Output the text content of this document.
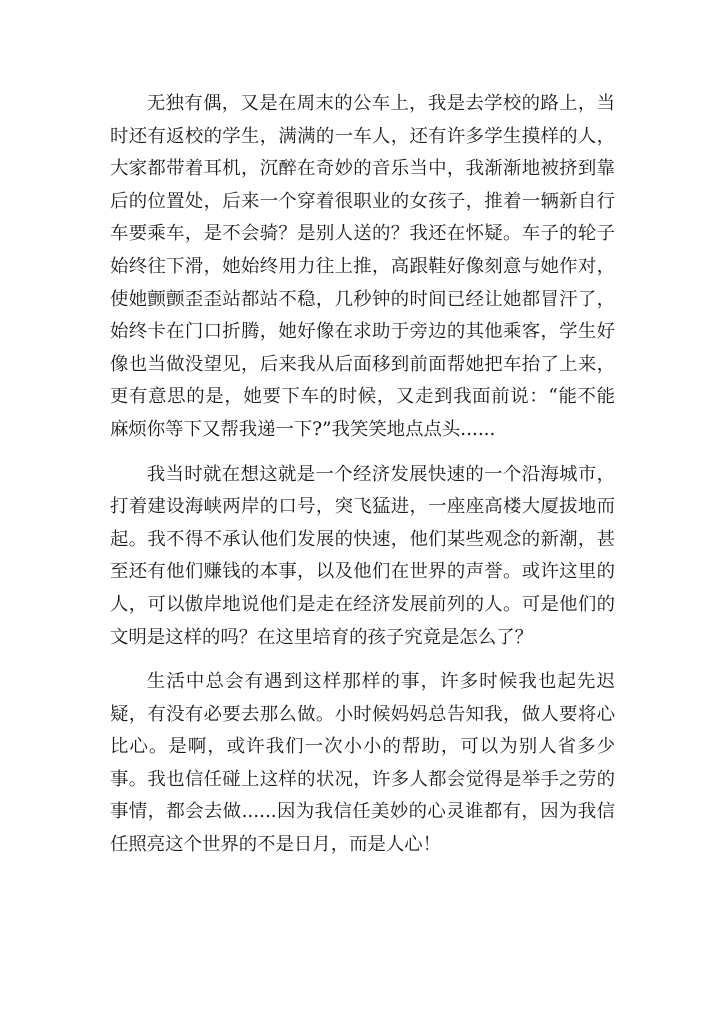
无独有偶，又是在周末的公车上，我是去学校的路上，当时还有返校的学生，满满的一车人，还有许多学生摸样的人，大家都带着耳机，沉醉在奇妙的音乐当中，我渐渐地被挤到靠后的位置处，后来一个穿着很职业的女孩子，推着一辆新自行车要乘车，是不会骑？是别人送的？我还在怀疑。车子的轮子始终往下滑，她始终用力往上推，高跟鞋好像刻意与她作对，使她颤颤歪歪站都站不稳，几秒钟的时间已经让她都冒汗了，始终卡在门口折腾，她好像在求助于旁边的其他乘客，学生好像也当做没望见，后来我从后面移到前面帮她把车抬了上来，更有意思的是，她要下车的时候，又走到我面前说：“能不能麻烦你等下又帮我递一下?”我笑笑地点点头......

我当时就在想这就是一个经济发展快速的一个沿海城市，打着建设海峡两岸的口号，突飞猛进，一座座高楼大厦拔地而起。我不得不承认他们发展的快速，他们某些观念的新潮，甚至还有他们赚钱的本事，以及他们在世界的声誉。或许这里的人，可以傲岸地说他们是走在经济发展前列的人。可是他们的文明是这样的吗？在这里培育的孩子究竟是怎么了？

生活中总会有遇到这样那样的事，许多时候我也起先迟疑，有没有必要去那么做。小时候妈妈总告知我，做人要将心比心。是啊，或许我们一次小小的帮助，可以为别人省多少事。我也信任碰上这样的状况，许多人都会觉得是举手之劳的事情，都会去做......因为我信任美妙的心灵谁都有，因为我信任照亮这个世界的不是日月，而是人心！
